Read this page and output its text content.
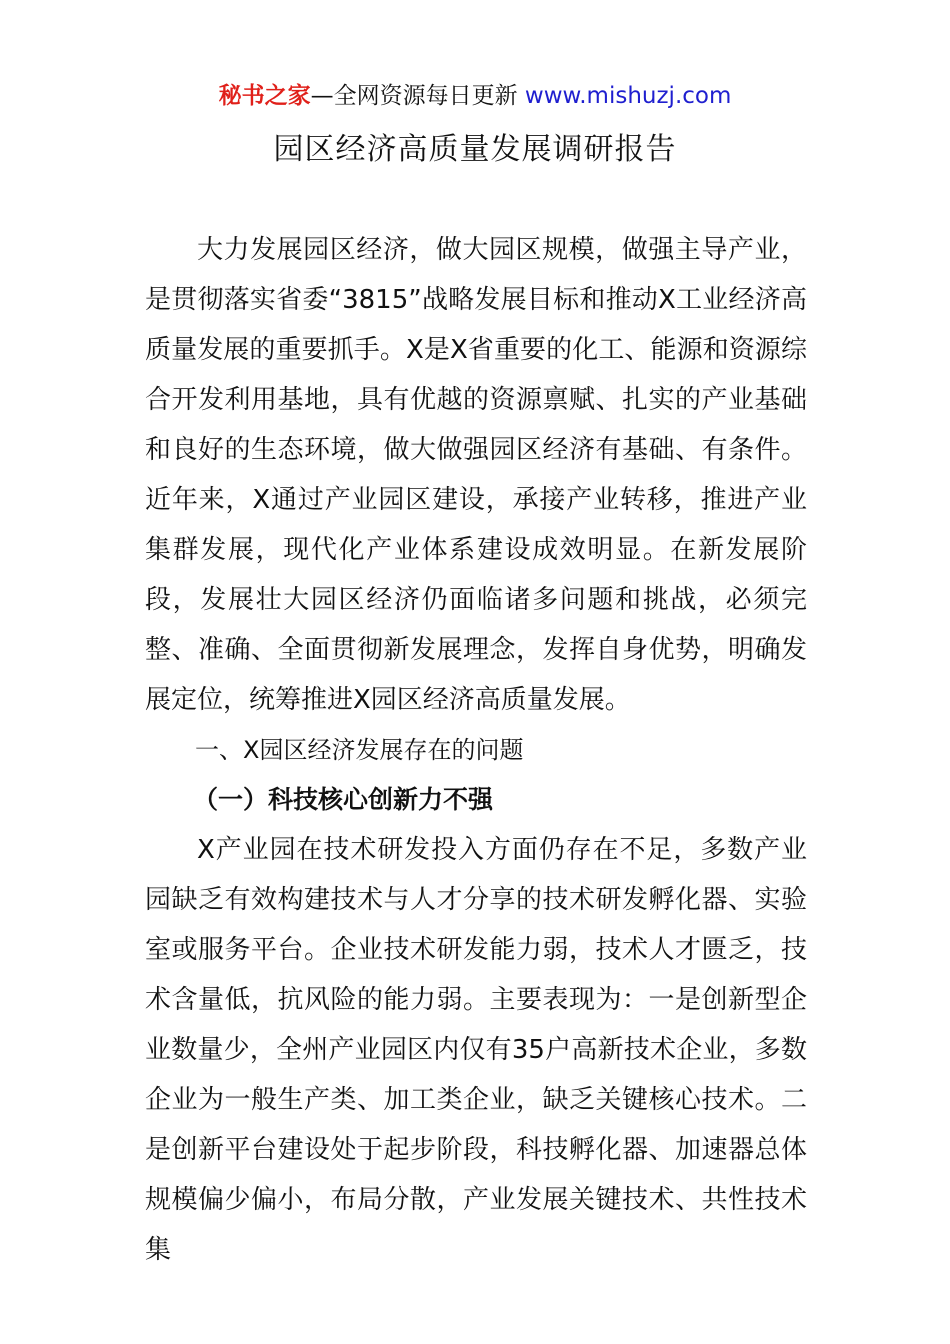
秘书之家—全网资源每日更新 www.mishuzj.com
园区经济高质量发展调研报告

大力发展园区经济，做大园区规模，做强主导产业，是贯彻落实省委“3815”战略发展目标和推动X工业经济高质量发展的重要抓手。X是X省重要的化工、能源和资源综合开发利用基地，具有优越的资源禀赋、扎实的产业基础和良好的生态环境，做大做强园区经济有基础、有条件。近年来，X通过产业园区建设，承接产业转移，推进产业集群发展，现代化产业体系建设成效明显。在新发展阶段，发展壮大园区经济仍面临诸多问题和挑战，必须完整、准确、全面贯彻新发展理念，发挥自身优势，明确发展定位，统筹推进X园区经济高质量发展。

一、X园区经济发展存在的问题

（一）科技核心创新力不强

X产业园在技术研发投入方面仍存在不足，多数产业园缺乏有效构建技术与人才分享的技术研发孵化器、实验室或服务平台。企业技术研发能力弱，技术人才匮乏，技术含量低，抗风险的能力弱。主要表现为：一是创新型企业数量少，全州产业园区内仅有35户高新技术企业，多数企业为一般生产类、加工类企业，缺乏关键核心技术。二是创新平台建设处于起步阶段，科技孵化器、加速器总体规模偏少偏小，布局分散，产业发展关键技术、共性技术集
